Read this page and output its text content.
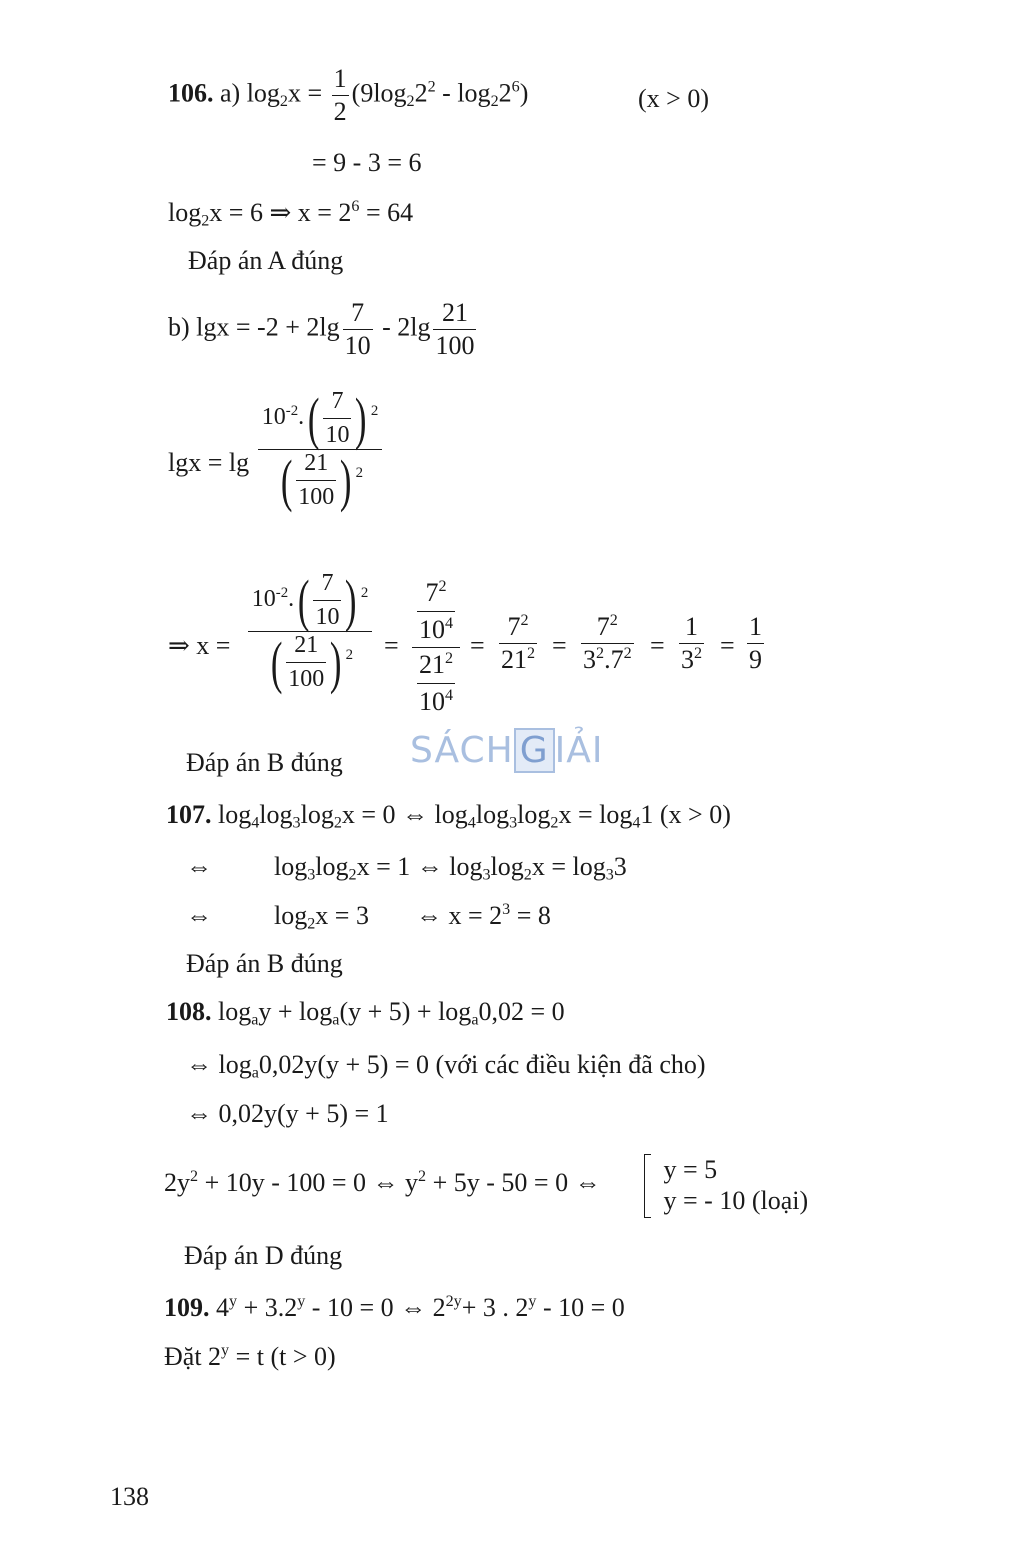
106. a) $\log_2x = \frac{1}{2} (9\log_22^2 - \log_22^6)$	(x > 0)
= 9 - 3 = 6
$\log_2x = 6$ ⇒ $x = 2^6 = 64$
Đáp án A đúng
b) $\lg x = -2 + 2\lg \frac{7}{10} - 2\lg \frac{21}{100}$
lgx = lg
$10^{-2}.( \frac{7}{10}$ ) $^2$
( $\frac{21}{100}$ ) $^2$
⇒ x =
$10^{-2}.( \frac{7}{10}$ ) $^2$
( $\frac{21}{100}$ ) $^2$ =
$7^2$
$10^4$
$21^2$
$10^4$
= $\frac{7^2}{21^2} = \frac{7^2}{3^2.7^2} = \frac{1}{3^2} = \frac{1}{9}$
Đáp án B đúng SÁCH G IẢI
107. $\log_4\log_3\log_2x = 0$ ⇔ $\log_4\log_3\log_2x = \log_41$ (x > 0)
⇔ $\log_3\log_2x = 1$ ⇔ $\log_3\log_2x = \log_33$
⇔ $\log_2x = 3$ ⇔ $x = 2^3 = 8$
Đáp án B đúng
108. $\log_ay + \log_a(y + 5) + \log_a0,02 = 0$
⇔ $\log_a0,02y(y + 5) = 0$ (với các điều kiện đã cho)
⇔ 0,02y(y + 5) = 1
$2y^2 + 10y - 100 = 0$ ⇔ $y^2 + 5y - 50 = 0$ ⇔
y = 5
y = - 10 (loại)
Đáp án D đúng
109. $4^y + 3.2^y - 10 = 0$ ⇔ $2^{2y}+ 3$ . 2$^y$ - 10 = 0
Đặt $2^y = t$ (t > 0)
138
